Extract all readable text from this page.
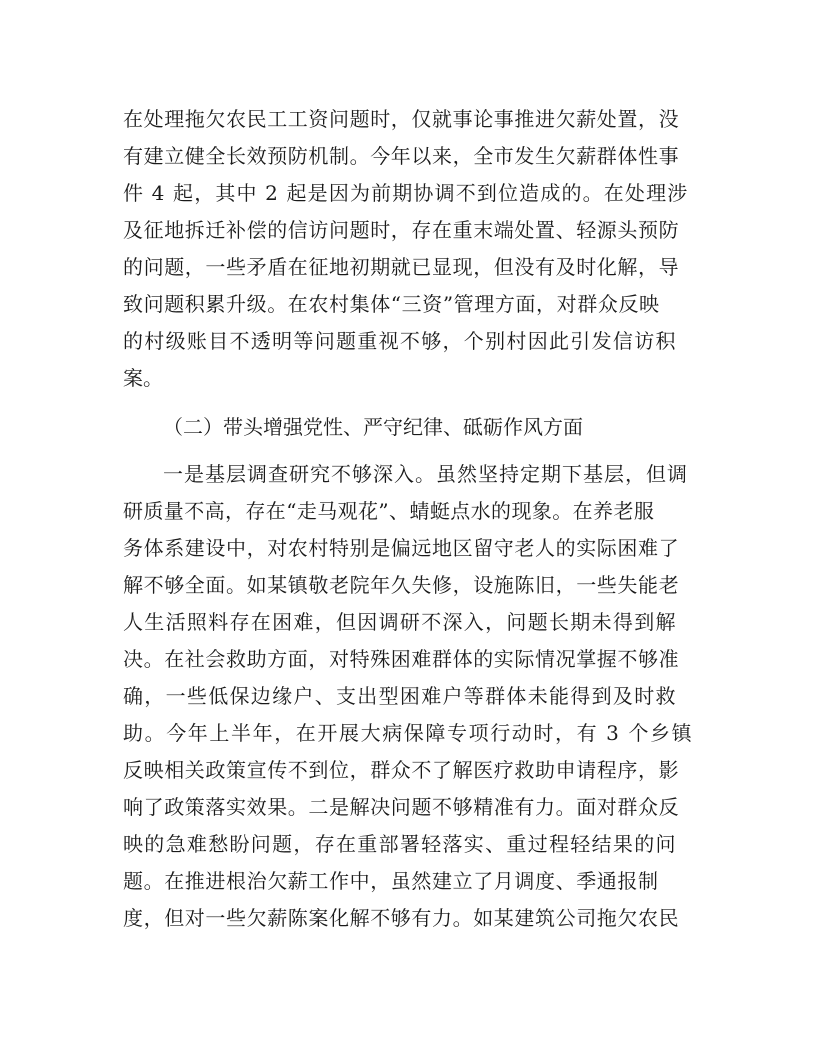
在处理拖欠农民工工资问题时，仅就事论事推进欠薪处置，没
有建立健全长效预防机制。今年以来，全市发生欠薪群体性事
件 4 起，其中 2 起是因为前期协调不到位造成的。在处理涉
及征地拆迁补偿的信访问题时，存在重末端处置、轻源头预防
的问题，一些矛盾在征地初期就已显现，但没有及时化解，导
致问题积累升级。在农村集体“三资”管理方面，对群众反映
的村级账目不透明等问题重视不够，个别村因此引发信访积
案。
（二）带头增强党性、严守纪律、砥砺作风方面
一是基层调查研究不够深入。虽然坚持定期下基层，但调
研质量不高，存在“走马观花”、蜻蜓点水的现象。在养老服
务体系建设中，对农村特别是偏远地区留守老人的实际困难了
解不够全面。如某镇敬老院年久失修，设施陈旧，一些失能老
人生活照料存在困难，但因调研不深入，问题长期未得到解
决。在社会救助方面，对特殊困难群体的实际情况掌握不够准
确，一些低保边缘户、支出型困难户等群体未能得到及时救
助。今年上半年，在开展大病保障专项行动时，有 3 个乡镇
反映相关政策宣传不到位，群众不了解医疗救助申请程序，影
响了政策落实效果。二是解决问题不够精准有力。面对群众反
映的急难愁盼问题，存在重部署轻落实、重过程轻结果的问
题。在推进根治欠薪工作中，虽然建立了月调度、季通报制
度，但对一些欠薪陈案化解不够有力。如某建筑公司拖欠农民
